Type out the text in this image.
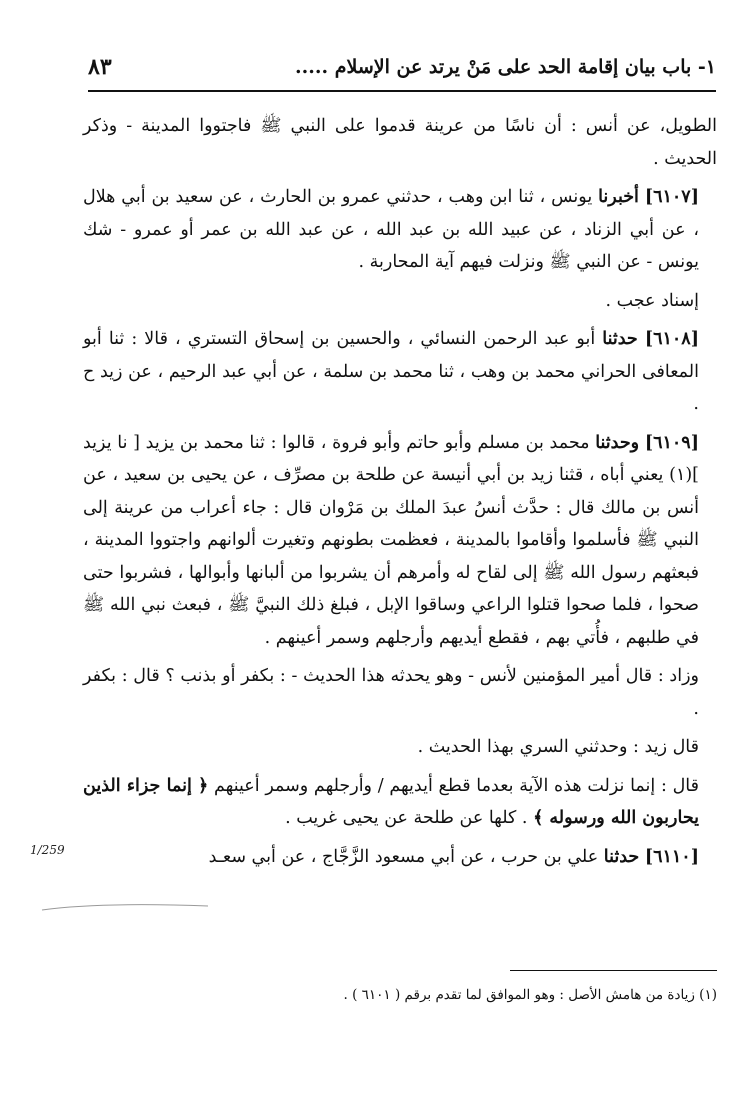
١- باب بيان إقامة الحد على مَنْ يرتد عن الإسلام .....
٨٣

الطويل، عن أنس : أن ناسًا من عرينة قدموا على النبي ﷺ فاجتووا المدينة - وذكر الحديث .

[٦١٠٧] أخبرنا يونس ، ثنا ابن وهب ، حدثني عمرو بن الحارث ، عن سعيد بن أبي هلال ، عن أبي الزناد ، عن عبيد الله بن عبد الله ، عن عبد الله بن عمر أو عمرو - شك يونس - عن النبي ﷺ ونزلت فيهم آية المحاربة .

إسناد عجب .

[٦١٠٨] حدثنا أبو عبد الرحمن النسائي ، والحسين بن إسحاق التستري ، قالا : ثنا أبو المعافى الحراني محمد بن وهب ، ثنا محمد بن سلمة ، عن أبي عبد الرحيم ، عن زيد ح .

[٦١٠٩] وحدثنا محمد بن مسلم وأبو حاتم وأبو فروة ، قالوا : ثنا محمد بن يزيد [ نا يزيد ](١) يعني أباه ، قثنا زيد بن أبي أنيسة عن طلحة بن مصرِّف ، عن يحيى بن سعيد ، عن أنس بن مالك قال : حدَّث أنسُ عبدَ الملك بن مَرْوان قال : جاء أعراب من عرينة إلى النبي ﷺ فأسلموا وأقاموا بالمدينة ، فعظمت بطونهم وتغيرت ألوانهم واجتووا المدينة ، فبعثهم رسول الله ﷺ إلى لقاح له وأمرهم أن يشربوا من ألبانها وأبوالها ، فشربوا حتى صحوا ، فلما صحوا قتلوا الراعي وساقوا الإبل ، فبلغ ذلك النبيَّ ﷺ ، فبعث نبي الله ﷺ في طلبهم ، فأُتي بهم ، فقطع أيديهم وأرجلهم وسمر أعينهم .

وزاد : قال أمير المؤمنين لأنس - وهو يحدثه هذا الحديث - : بكفر أو بذنب ؟ قال : بكفر .

قال زيد : وحدثني السري بهذا الحديث .

قال : إنما نزلت هذه الآية بعدما قطع أيديهم / وأرجلهم وسمر أعينهم ﴿ إنما جزاء الذين يحاربون الله ورسوله ﴾ . كلها عن طلحة عن يحيى غريب .

[٦١١٠] حدثنا علي بن حرب ، عن أبي مسعود الزَّجَّاج ، عن أبي سعـد

1/259
(١) زيادة من هامش الأصل : وهو الموافق لما تقدم برقم ( ٦١٠١ ) .
